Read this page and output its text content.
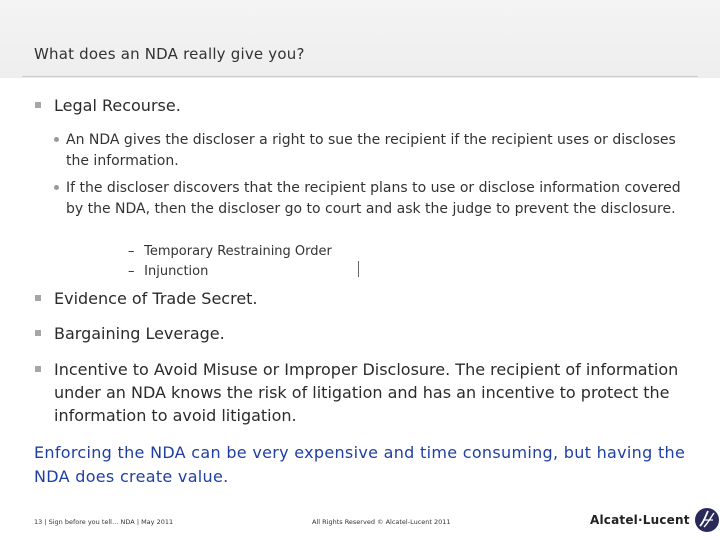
What does an NDA really give you?
Legal Recourse.
An NDA gives the discloser a right to sue the recipient if the recipient uses or discloses the information.
If the discloser discovers that the recipient plans to use or disclose information covered by the NDA, then the discloser go to court and ask the judge to prevent the disclosure.
– Temporary Restraining Order
– Injunction
Evidence of Trade Secret.
Bargaining Leverage.
Incentive to Avoid Misuse or Improper Disclosure. The recipient of information under an NDA knows the risk of litigation and has an incentive to protect the information to avoid litigation.
Enforcing the NDA can be very expensive and time consuming, but having the NDA does create value.
13 | Sign before you tell… NDA | May 2011	All Rights Reserved © Alcatel-Lucent 2011	Alcatel·Lucent
